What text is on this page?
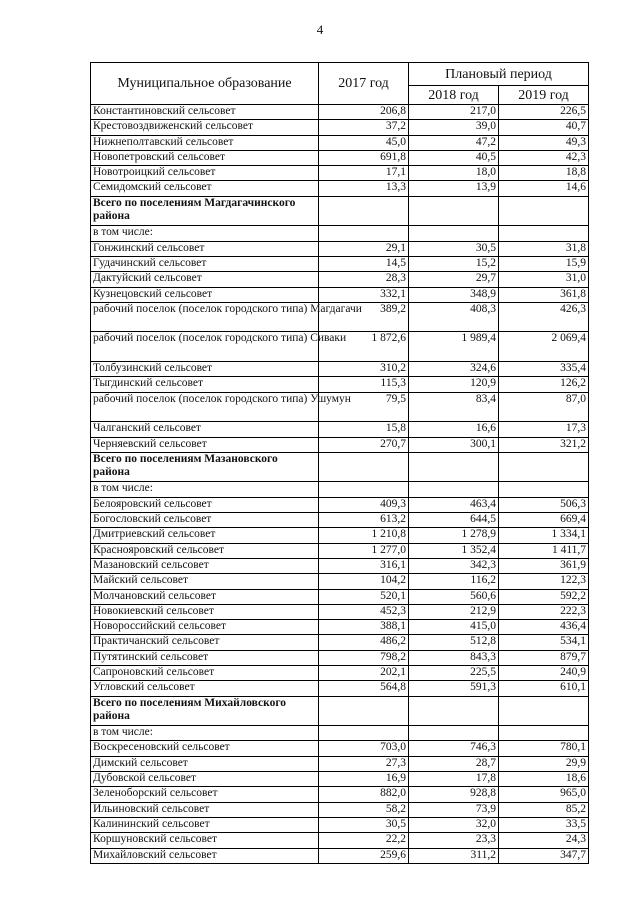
4
Муниципальное образование	2017 год	Плановый период	
		2018 год	2019 год
Константиновский сельсовет	206,8	217,0	226,5
Крестовоздвиженский сельсовет	37,2	39,0	40,7
Нижнеполтавский сельсовет	45,0	47,2	49,3
Новопетровский сельсовет	691,8	40,5	42,3
Новотроицкий сельсовет	17,1	18,0	18,8
Семидомский сельсовет	13,3	13,9	14,6
Всего по поселениям Магдагачинского района			
в том числе:			
Гонжинский сельсовет	29,1	30,5	31,8
Гудачинский сельсовет	14,5	15,2	15,9
Дактуйский сельсовет	28,3	29,7	31,0
Кузнецовский сельсовет	332,1	348,9	361,8
рабочий поселок (поселок городского типа) Магдагачи	389,2	408,3	426,3
рабочий поселок (поселок городского типа) Сиваки	1 872,6	1 989,4	2 069,4
Толбузинский сельсовет	310,2	324,6	335,4
Тыгдинский сельсовет	115,3	120,9	126,2
рабочий поселок (поселок городского типа) Ушумун	79,5	83,4	87,0
Чалганский сельсовет	15,8	16,6	17,3
Черняевский сельсовет	270,7	300,1	321,2
Всего по поселениям Мазановского района			
в том числе:			
Белояровский сельсовет	409,3	463,4	506,3
Богословский сельсовет	613,2	644,5	669,4
Дмитриевский сельсовет	1 210,8	1 278,9	1 334,1
Краснояровский сельсовет	1 277,0	1 352,4	1 411,7
Мазановский сельсовет	316,1	342,3	361,9
Майский сельсовет	104,2	116,2	122,3
Молчановский сельсовет	520,1	560,6	592,2
Новокиевский сельсовет	452,3	212,9	222,3
Новороссийский сельсовет	388,1	415,0	436,4
Практичанский сельсовет	486,2	512,8	534,1
Путятинский сельсовет	798,2	843,3	879,7
Сапроновский сельсовет	202,1	225,5	240,9
Угловский сельсовет	564,8	591,3	610,1
Всего по поселениям Михайловского района			
в том числе:			
Воскресеновский сельсовет	703,0	746,3	780,1
Димский сельсовет	27,3	28,7	29,9
Дубовской сельсовет	16,9	17,8	18,6
Зеленоборский сельсовет	882,0	928,8	965,0
Ильиновский сельсовет	58,2	73,9	85,2
Калининский сельсовет	30,5	32,0	33,5
Коршуновский сельсовет	22,2	23,3	24,3
Михайловский сельсовет	259,6	311,2	347,7
